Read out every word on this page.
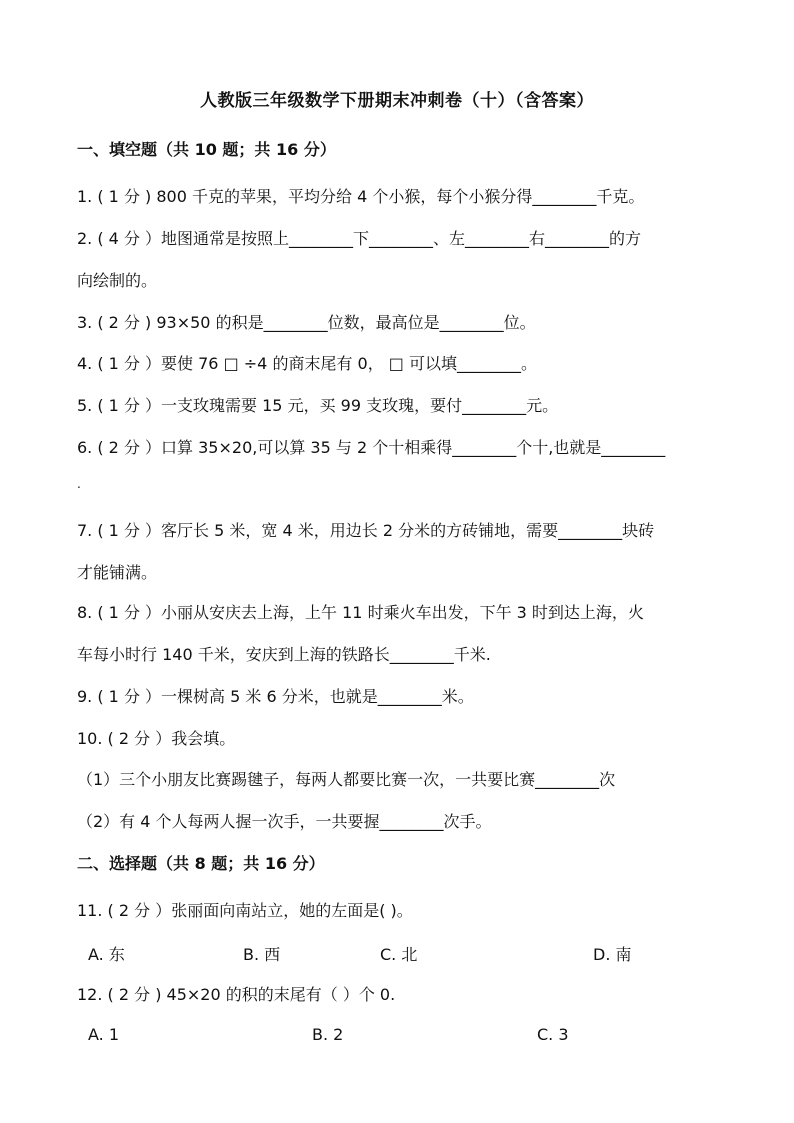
人教版三年级数学下册期末冲刺卷（十）（含答案）
一、填空题（共 10 题；共 16 分）
1. ( 1 分 ) 800 千克的苹果，平均分给 4 个小猴，每个小猴分得________千克。
2. ( 4 分 ）地图通常是按照上________下________、左________右________的方
向绘制的。
3. ( 2 分 ) 93×50 的积是________位数，最高位是________位。
4. ( 1 分 ）要使 76 □ ÷4 的商末尾有 0， □ 可以填________。
5. ( 1 分 ）一支玫瑰需要 15 元，买 99 支玫瑰，要付________元。
6. ( 2 分 ）口算 35×20,可以算 35 与 2 个十相乘得________个十,也就是________
.
7. ( 1 分 ）客厅长 5 米，宽 4 米，用边长 2 分米的方砖铺地，需要________块砖
才能铺满。
8. ( 1 分 ）小丽从安庆去上海，上午 11 时乘火车出发，下午 3 时到达上海，火
车每小时行 140 千米，安庆到上海的铁路长________千米.
9. ( 1 分 ）一棵树高 5 米 6 分米，也就是________米。
10. ( 2 分 ）我会填。
（1）三个小朋友比赛踢毽子，每两人都要比赛一次，一共要比赛________次
（2）有 4 个人每两人握一次手，一共要握________次手。
二、选择题（共 8 题；共 16 分）
11. ( 2 分 ）张丽面向南站立，她的左面是( )。
A. 东	B. 西	C. 北	D. 南
12. ( 2 分 ) 45×20 的积的末尾有（ ）个 0.
A. 1	B. 2	C. 3
